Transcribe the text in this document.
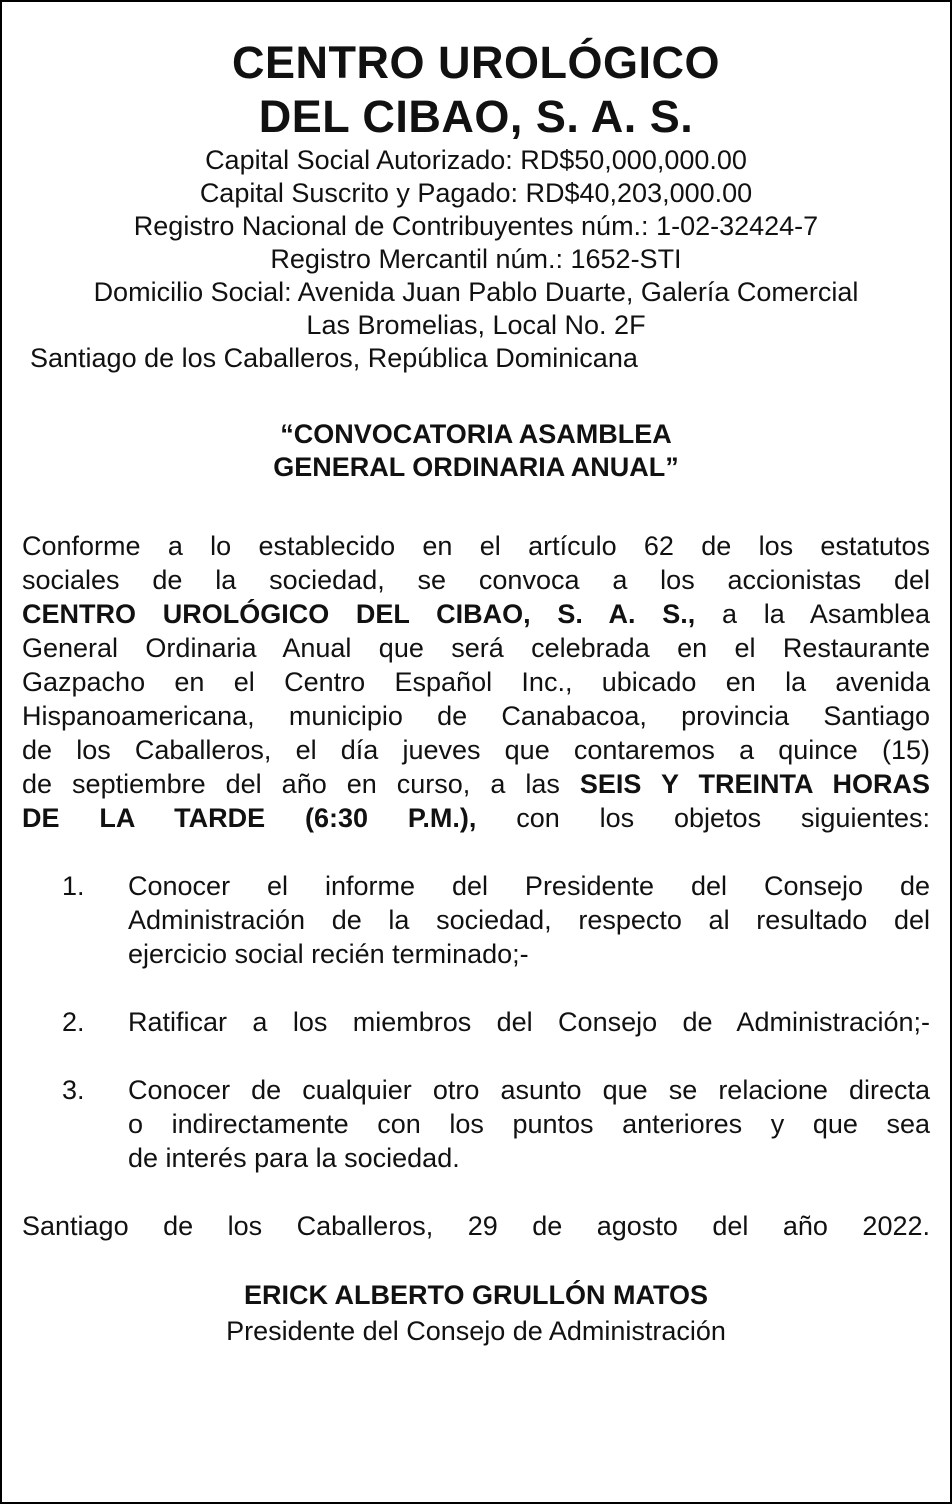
CENTRO UROLÓGICO
DEL CIBAO, S. A. S.
Capital Social Autorizado: RD$50,000,000.00
Capital Suscrito y Pagado: RD$40,203,000.00
Registro Nacional de Contribuyentes núm.: 1-02-32424-7
Registro Mercantil núm.: 1652-STI
Domicilio Social: Avenida Juan Pablo Duarte, Galería Comercial
Las Bromelias, Local No. 2F
Santiago de los Caballeros, República Dominicana
“CONVOCATORIA ASAMBLEA
GENERAL ORDINARIA ANUAL”
Conforme a lo establecido en el artículo 62 de los estatutos
sociales de la sociedad, se convoca a los accionistas del
CENTRO UROLÓGICO DEL CIBAO, S. A. S., a la Asamblea
General Ordinaria Anual que será celebrada en el Restaurante
Gazpacho en el Centro Español Inc., ubicado en la avenida
Hispanoamericana, municipio de Canabacoa, provincia Santiago
de los Caballeros, el día jueves que contaremos a quince (15)
de septiembre del año en curso, a las SEIS Y TREINTA HORAS
DE LA TARDE (6:30 P.M.), con los objetos siguientes:
1.	Conocer el informe del Presidente del Consejo de
Administración de la sociedad, respecto al resultado del
ejercicio social recién terminado;-
2.	Ratificar a los miembros del Consejo de Administración;-
3.	Conocer de cualquier otro asunto que se relacione directa
o indirectamente con los puntos anteriores y que sea
de interés para la sociedad.
Santiago de los Caballeros, 29 de agosto del año 2022.
ERICK ALBERTO GRULLÓN MATOS
Presidente del Consejo de Administración
